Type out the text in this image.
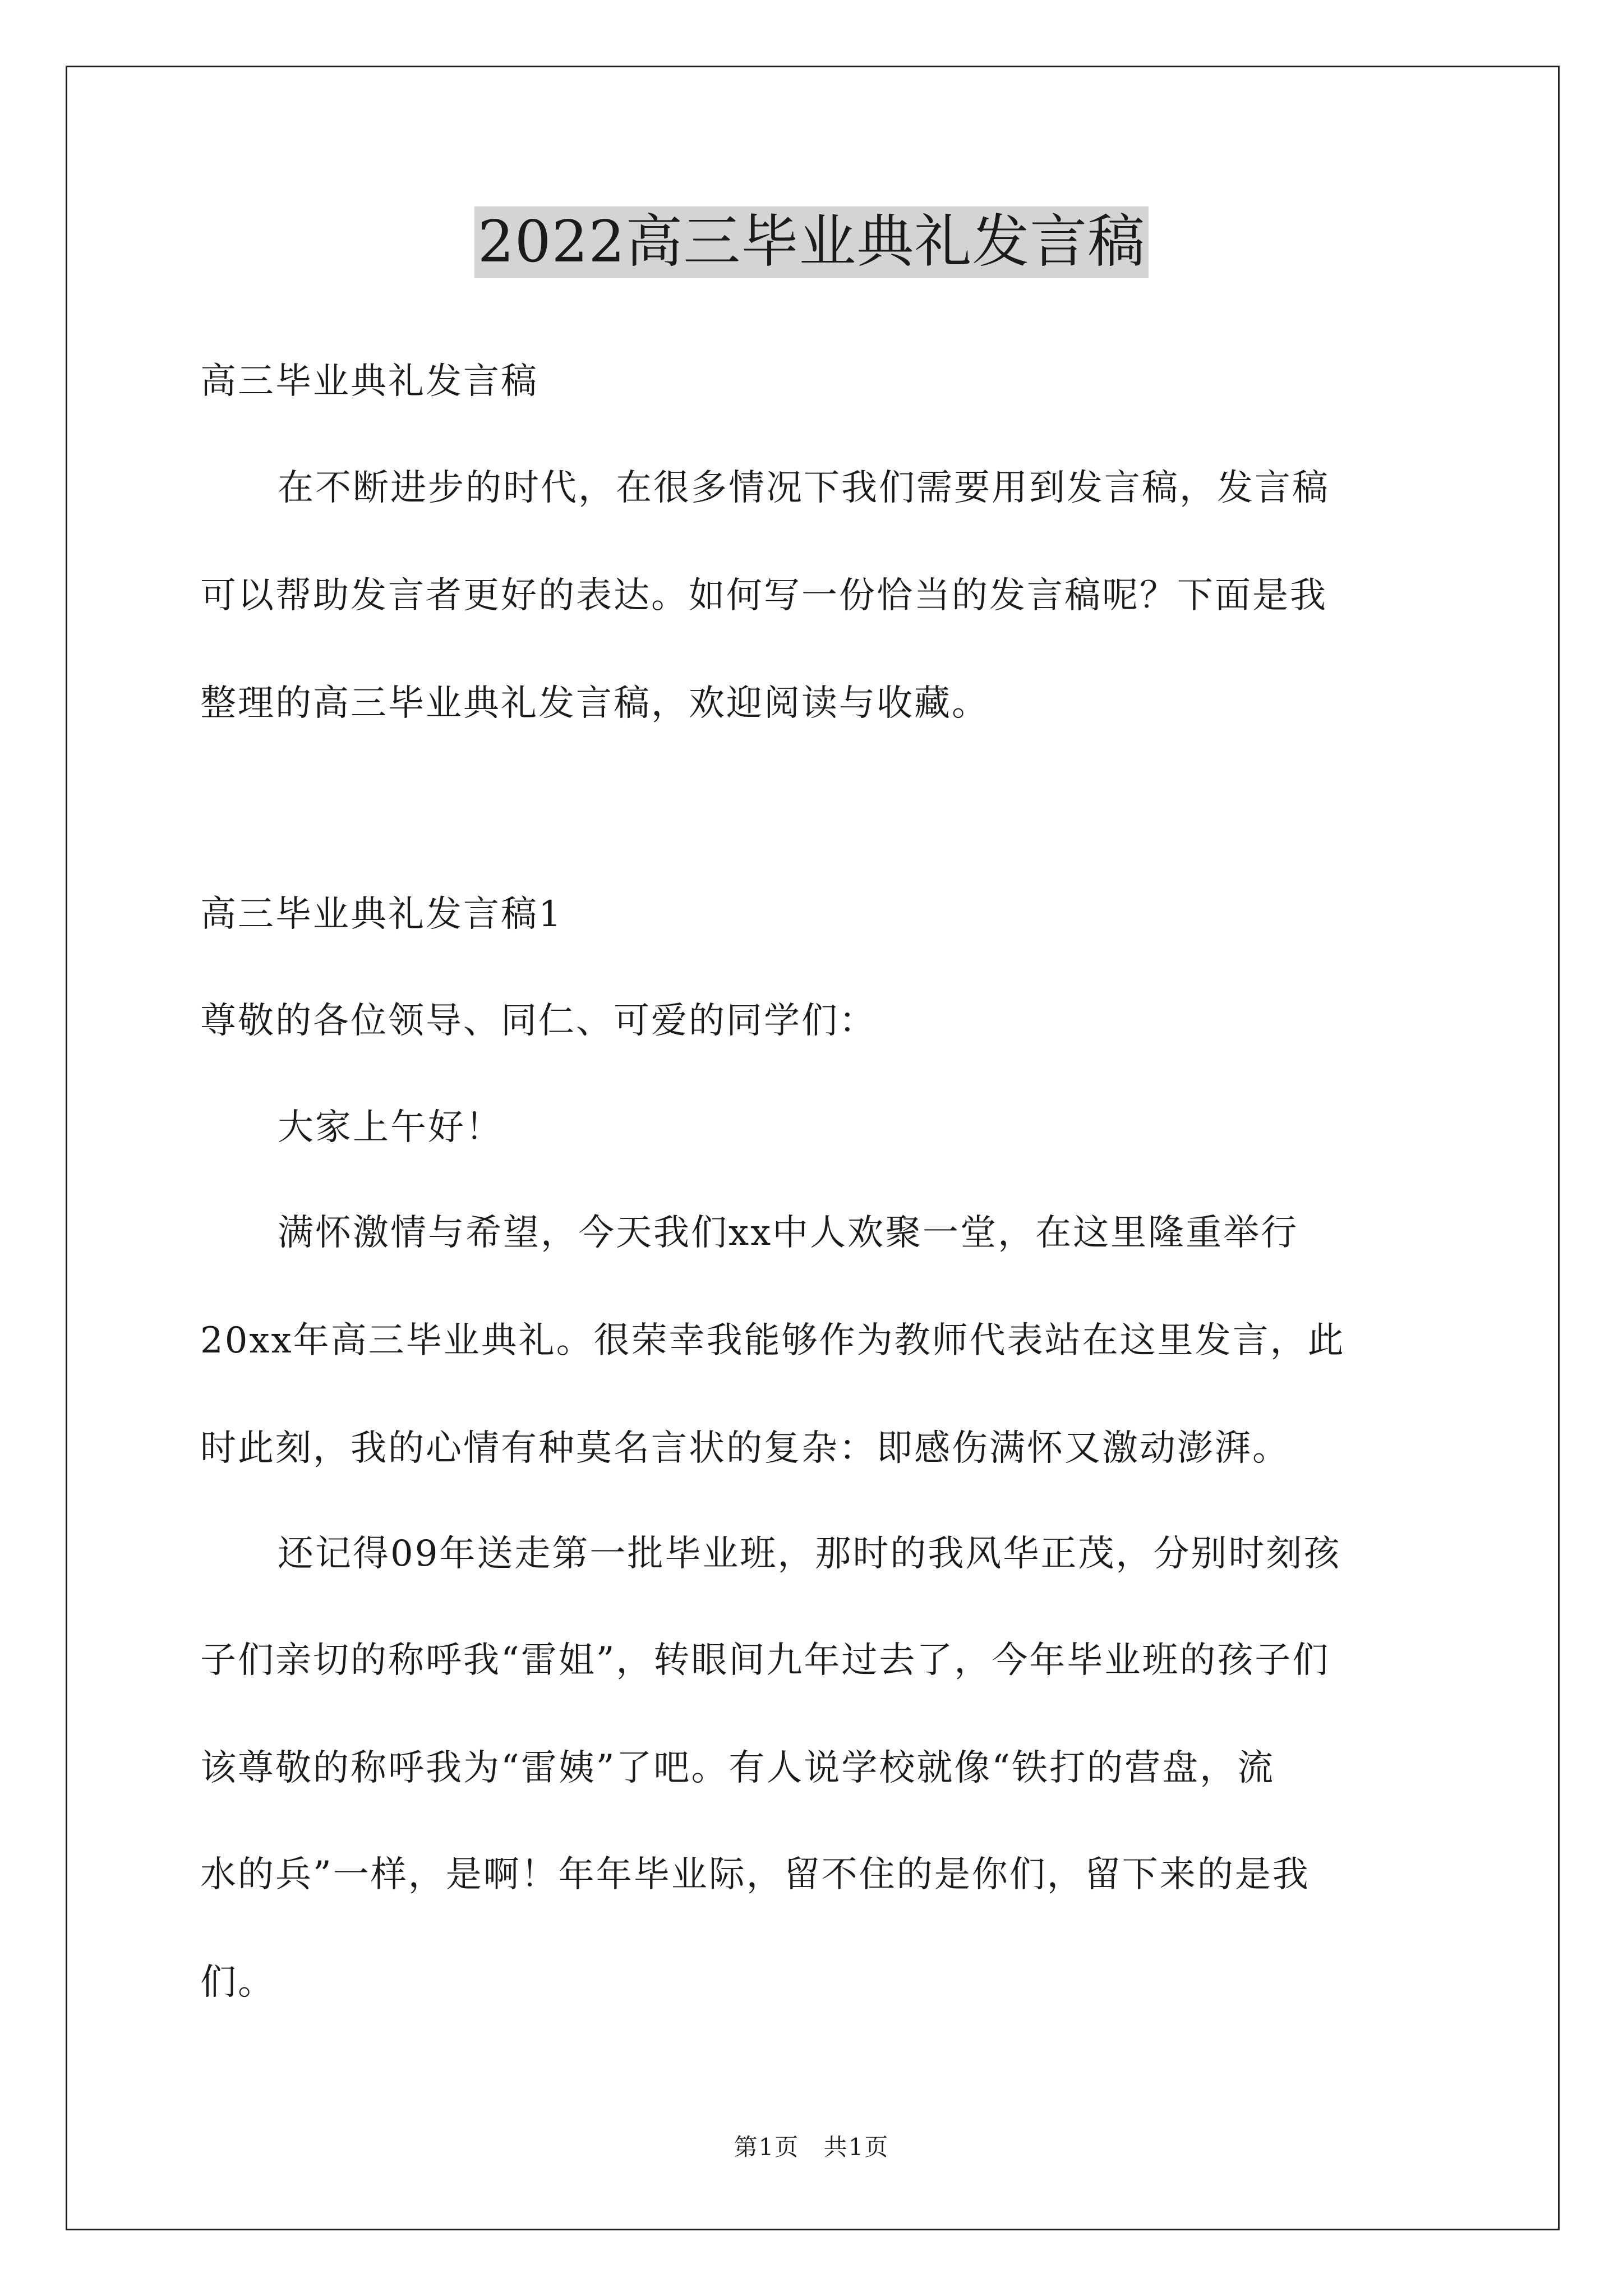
2022高三毕业典礼发言稿
高三毕业典礼发言稿
在不断进步的时代，在很多情况下我们需要用到发言稿，发言稿
可以帮助发言者更好的表达。如何写一份恰当的发言稿呢？下面是我
整理的高三毕业典礼发言稿，欢迎阅读与收藏。
高三毕业典礼发言稿1
尊敬的各位领导、同仁、可爱的同学们：
大家上午好！
满怀激情与希望，今天我们xx中人欢聚一堂，在这里隆重举行
20xx年高三毕业典礼。很荣幸我能够作为教师代表站在这里发言，此
时此刻，我的心情有种莫名言状的复杂：即感伤满怀又激动澎湃。
还记得09年送走第一批毕业班，那时的我风华正茂，分别时刻孩
子们亲切的称呼我“雷姐”，转眼间九年过去了，今年毕业班的孩子们
该尊敬的称呼我为“雷姨”了吧。有人说学校就像“铁打的营盘，流
水的兵”一样，是啊！年年毕业际，留不住的是你们，留下来的是我
们。
第1页 共1页
